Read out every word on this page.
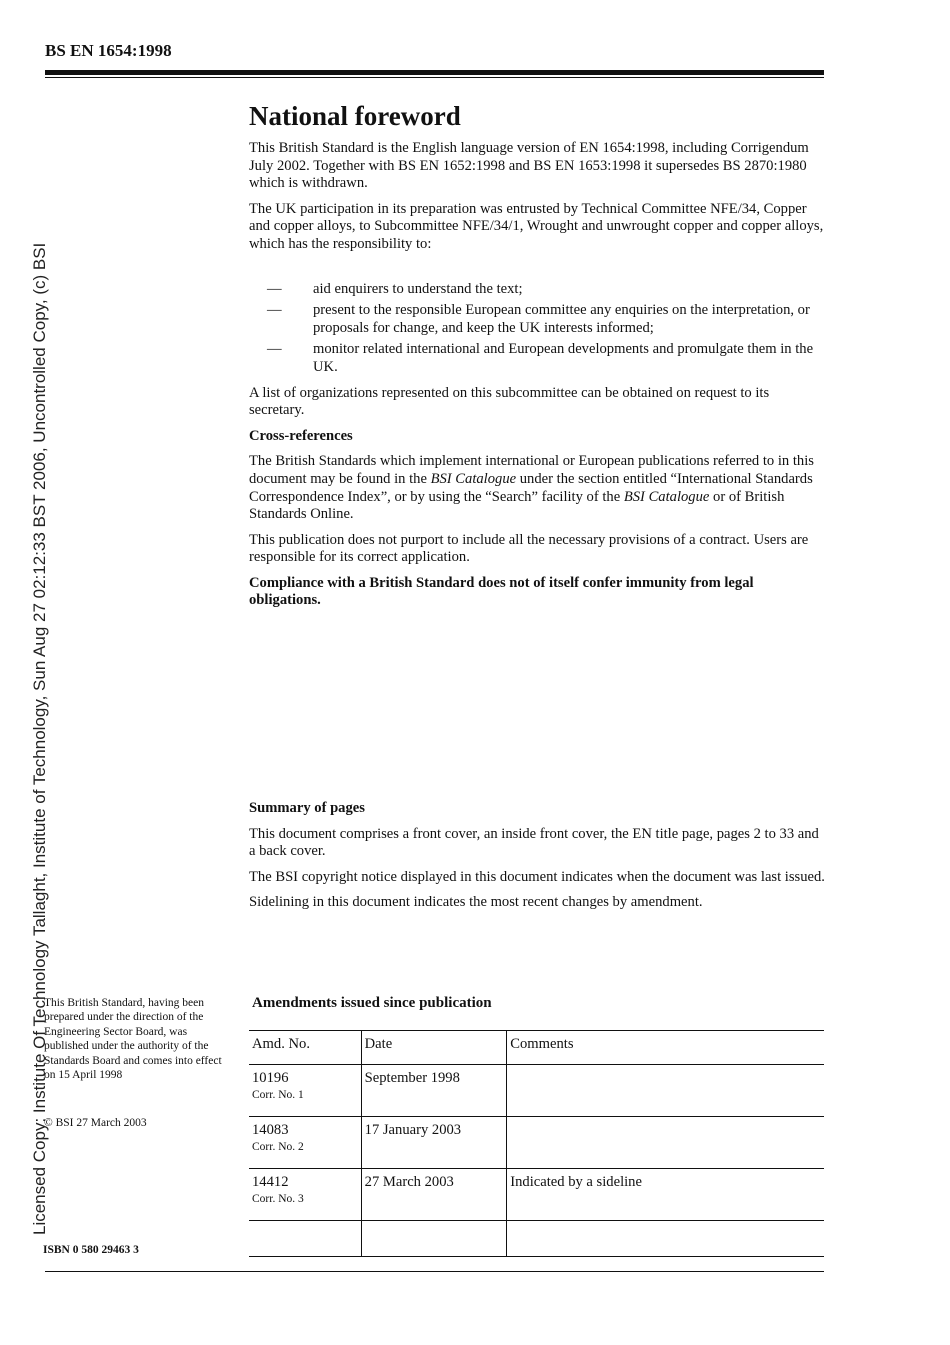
BS EN 1654:1998
Licensed Copy: Institute Of Technology Tallaght, Institute of Technology, Sun Aug 27 02:12:33 BST 2006, Uncontrolled Copy, (c) BSI
National foreword

This British Standard is the English language version of EN 1654:1998, including Corrigendum July 2002. Together with BS EN 1652:1998 and BS EN 1653:1998 it supersedes BS 2870:1980 which is withdrawn.

The UK participation in its preparation was entrusted by Technical Committee NFE/34, Copper and copper alloys, to Subcommittee NFE/34/1, Wrought and unwrought copper and copper alloys, which has the responsibility to:

— aid enquirers to understand the text;
— present to the responsible European committee any enquiries on the interpretation, or proposals for change, and keep the UK interests informed;
— monitor related international and European developments and promulgate them in the UK.

A list of organizations represented on this subcommittee can be obtained on request to its secretary.

Cross-references

The British Standards which implement international or European publications referred to in this document may be found in the BSI Catalogue under the section entitled “International Standards Correspondence Index”, or by using the “Search” facility of the BSI Catalogue or of British Standards Online.

This publication does not purport to include all the necessary provisions of a contract. Users are responsible for its correct application.

Compliance with a British Standard does not of itself confer immunity from legal obligations.

Summary of pages

This document comprises a front cover, an inside front cover, the EN title page, pages 2 to 33 and a back cover.

The BSI copyright notice displayed in this document indicates when the document was last issued.

Sidelining in this document indicates the most recent changes by amendment.

This British Standard, having been prepared under the direction of the Engineering Sector Board, was published under the authority of the Standards Board and comes into effect on 15 April 1998
© BSI 27 March 2003
ISBN 0 580 29463 3
Amendments issued since publication
Amd. No.	Date	Comments
10196
Corr. No. 1	September 1998	
14083
Corr. No. 2	17 January 2003	
14412
Corr. No. 3	27 March 2003	Indicated by a sideline
